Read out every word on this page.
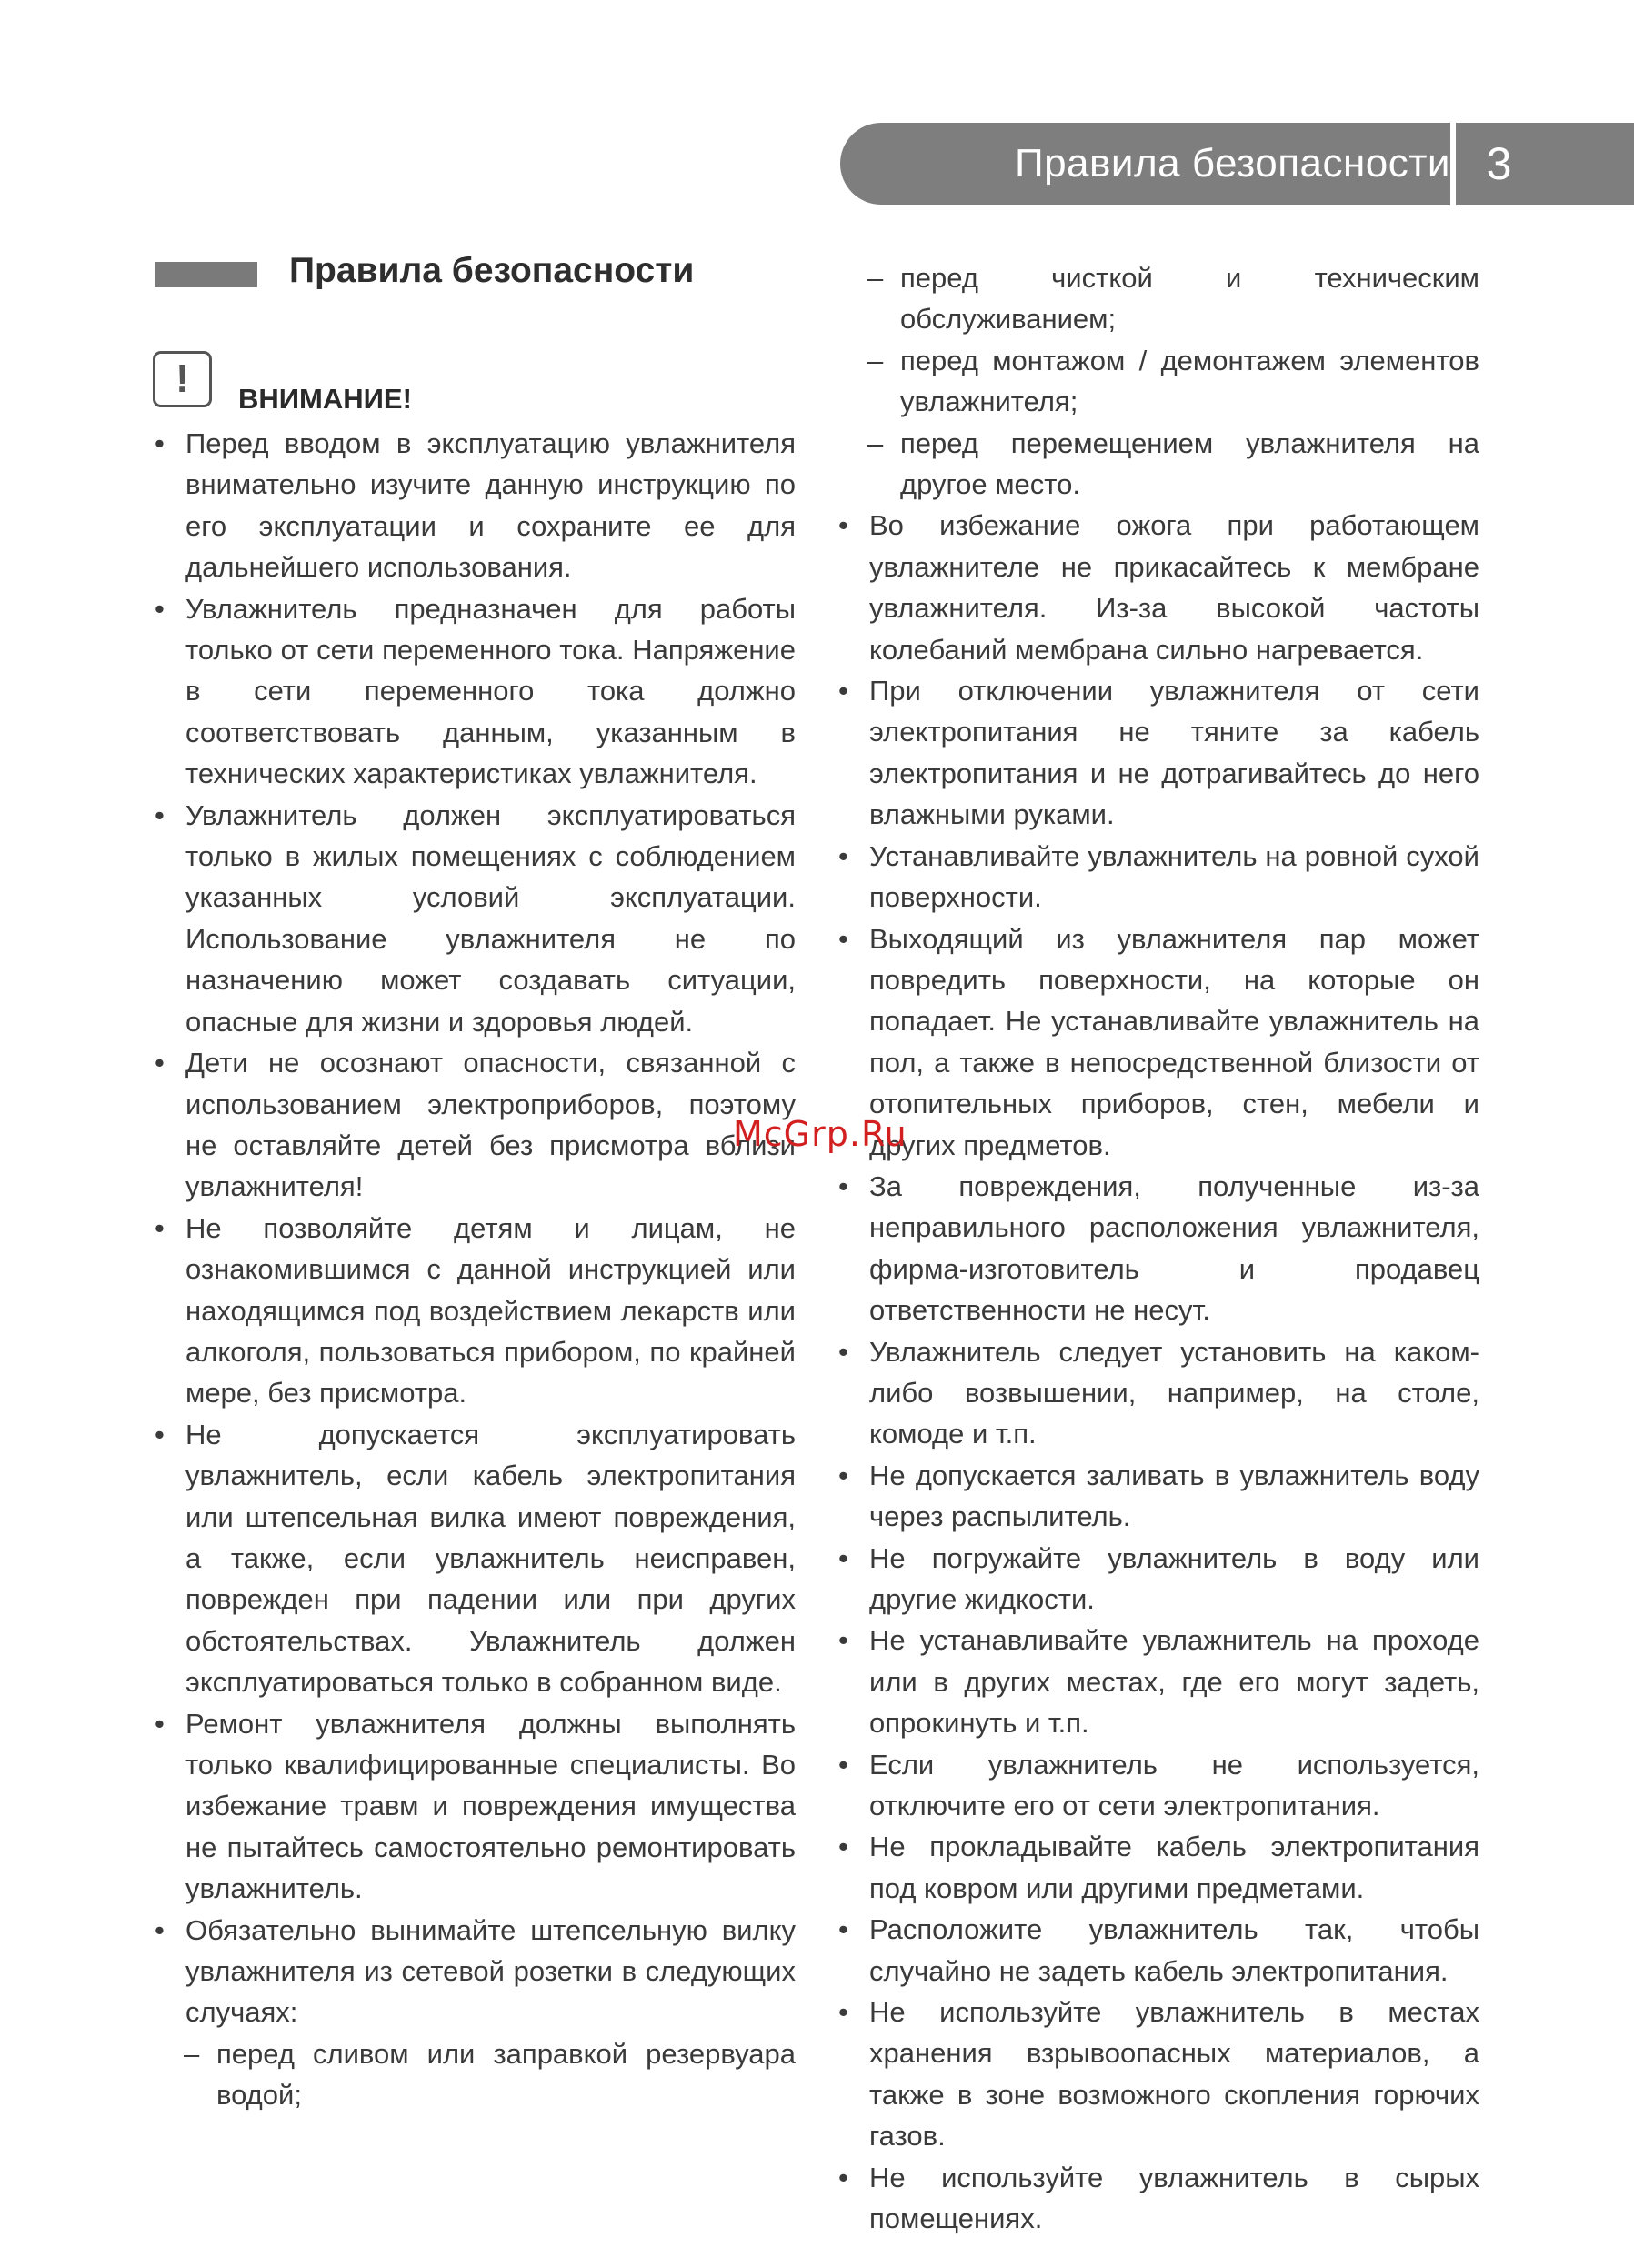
Правила безопасности 3
Правила безопасности
!	ВНИМАНИЕ!
• Перед вводом в эксплуатацию увлажнителя внимательно изучите данную инструкцию по его эксплуатации и сохраните ее для дальнейшего использования.
• Увлажнитель предназначен для работы только от сети переменного тока. Напряжение в сети переменного тока должно соответствовать данным, указанным в технических характеристиках увлажнителя.
• Увлажнитель должен эксплуатироваться только в жилых помещениях с соблюдением указанных условий эксплуатации. Использование увлажнителя не по назначению может создавать ситуации, опасные для жизни и здоровья людей.
• Дети не осознают опасности, связанной с использованием электроприборов, поэтому не оставляйте детей без присмотра вблизи увлажнителя!
• Не позволяйте детям и лицам, не ознакомившимся с данной инструкцией или находящимся под воздействием лекарств или алкоголя, пользоваться прибором, по крайней мере, без присмотра.
• Не допускается эксплуатировать увлажнитель, если кабель электропитания или штепсельная вилка имеют повреждения, а также, если увлажнитель неисправен, поврежден при падении или при других обстоятельствах. Увлажнитель должен эксплуатироваться только в собранном виде.
• Ремонт увлажнителя должны выполнять только квалифицированные специалисты. Во избежание травм и повреждения имущества не пытайтесь самостоятельно ремонтировать увлажнитель.
• Обязательно вынимайте штепсельную вилку увлажнителя из сетевой розетки в следующих случаях:
– перед сливом или заправкой резервуара водой;
– перед чисткой и техническим обслуживанием;
– перед монтажом / демонтажем элементов увлажнителя;
– перед перемещением увлажнителя на другое место.
• Во избежание ожога при работающем увлажнителе не прикасайтесь к мембране увлажнителя. Из-за высокой частоты колебаний мембрана сильно нагревается.
• При отключении увлажнителя от сети электропитания не тяните за кабель электропитания и не дотрагивайтесь до него влажными руками.
• Устанавливайте увлажнитель на ровной сухой поверхности.
• Выходящий из увлажнителя пар может повредить поверхности, на которые он попадает. Не устанавливайте увлажнитель на пол, а также в непосредственной близости от отопительных приборов, стен, мебели и других предметов.
• За повреждения, полученные из-за неправильного расположения увлажнителя, фирма-изготовитель и продавец ответственности не несут.
• Увлажнитель следует установить на каком-либо возвышении, например, на столе, комоде и т.п.
• Не допускается заливать в увлажнитель воду через распылитель.
• Не погружайте увлажнитель в воду или другие жидкости.
• Не устанавливайте увлажнитель на проходе или в других местах, где его могут задеть, опрокинуть и т.п.
• Если увлажнитель не используется, отключите его от сети электропитания.
• Не прокладывайте кабель электропитания под ковром или другими предметами.
• Расположите увлажнитель так, чтобы случайно не задеть кабель электропитания.
• Не используйте увлажнитель в местах хранения взрывоопасных материалов, а также в зоне возможного скопления горючих газов.
• Не используйте увлажнитель в сырых помещениях.
McGrp.Ru
